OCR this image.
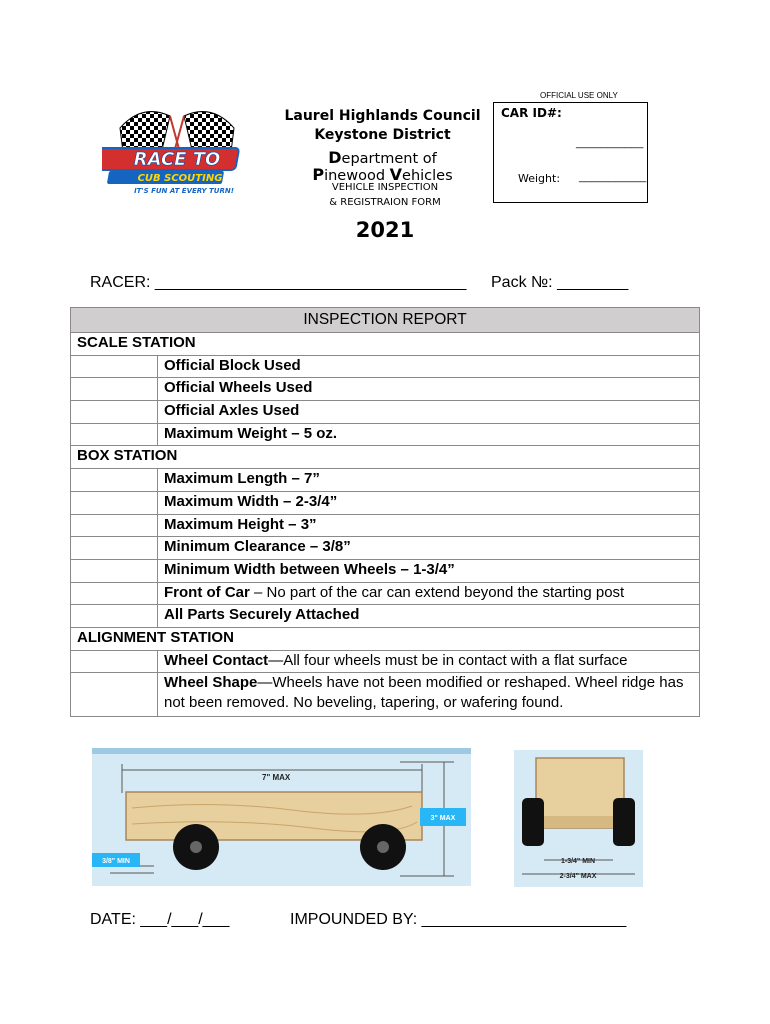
RACE TO
CUB SCOUTING
IT'S FUN AT EVERY TURN!
Laurel Highlands Council
Keystone District
Department of
Pinewood Vehicles
VEHICLE INSPECTION
& REGISTRAION FORM
OFFICIAL USE ONLY
CAR ID#:
___________
Weight: ___________
2021
RACER: ___________________________________ Pack №: ________
INSPECTION REPORT	
SCALE STATION	
	Official Block Used
	Official Wheels Used
	Official Axles Used
	Maximum Weight – 5 oz.
BOX STATION	
	Maximum Length – 7”
	Maximum Width – 2-3/4”
	Maximum Height – 3”
	Minimum Clearance – 3/8”
	Minimum Width between Wheels – 1-3/4”
	Front of Car – No part of the car can extend beyond the starting post
	All Parts Securely Attached
ALIGNMENT STATION	
	Wheel Contact—All four wheels must be in contact with a flat surface
	Wheel Shape—Wheels have not been modified or reshaped. Wheel ridge has not been removed. No beveling, tapering, or wafering found.
7" MAX
3" MAX
3/8" MIN	1-3/4" MIN
2-3/4" MAX
DATE: ___/___/___	IMPOUNDED BY: _______________________
